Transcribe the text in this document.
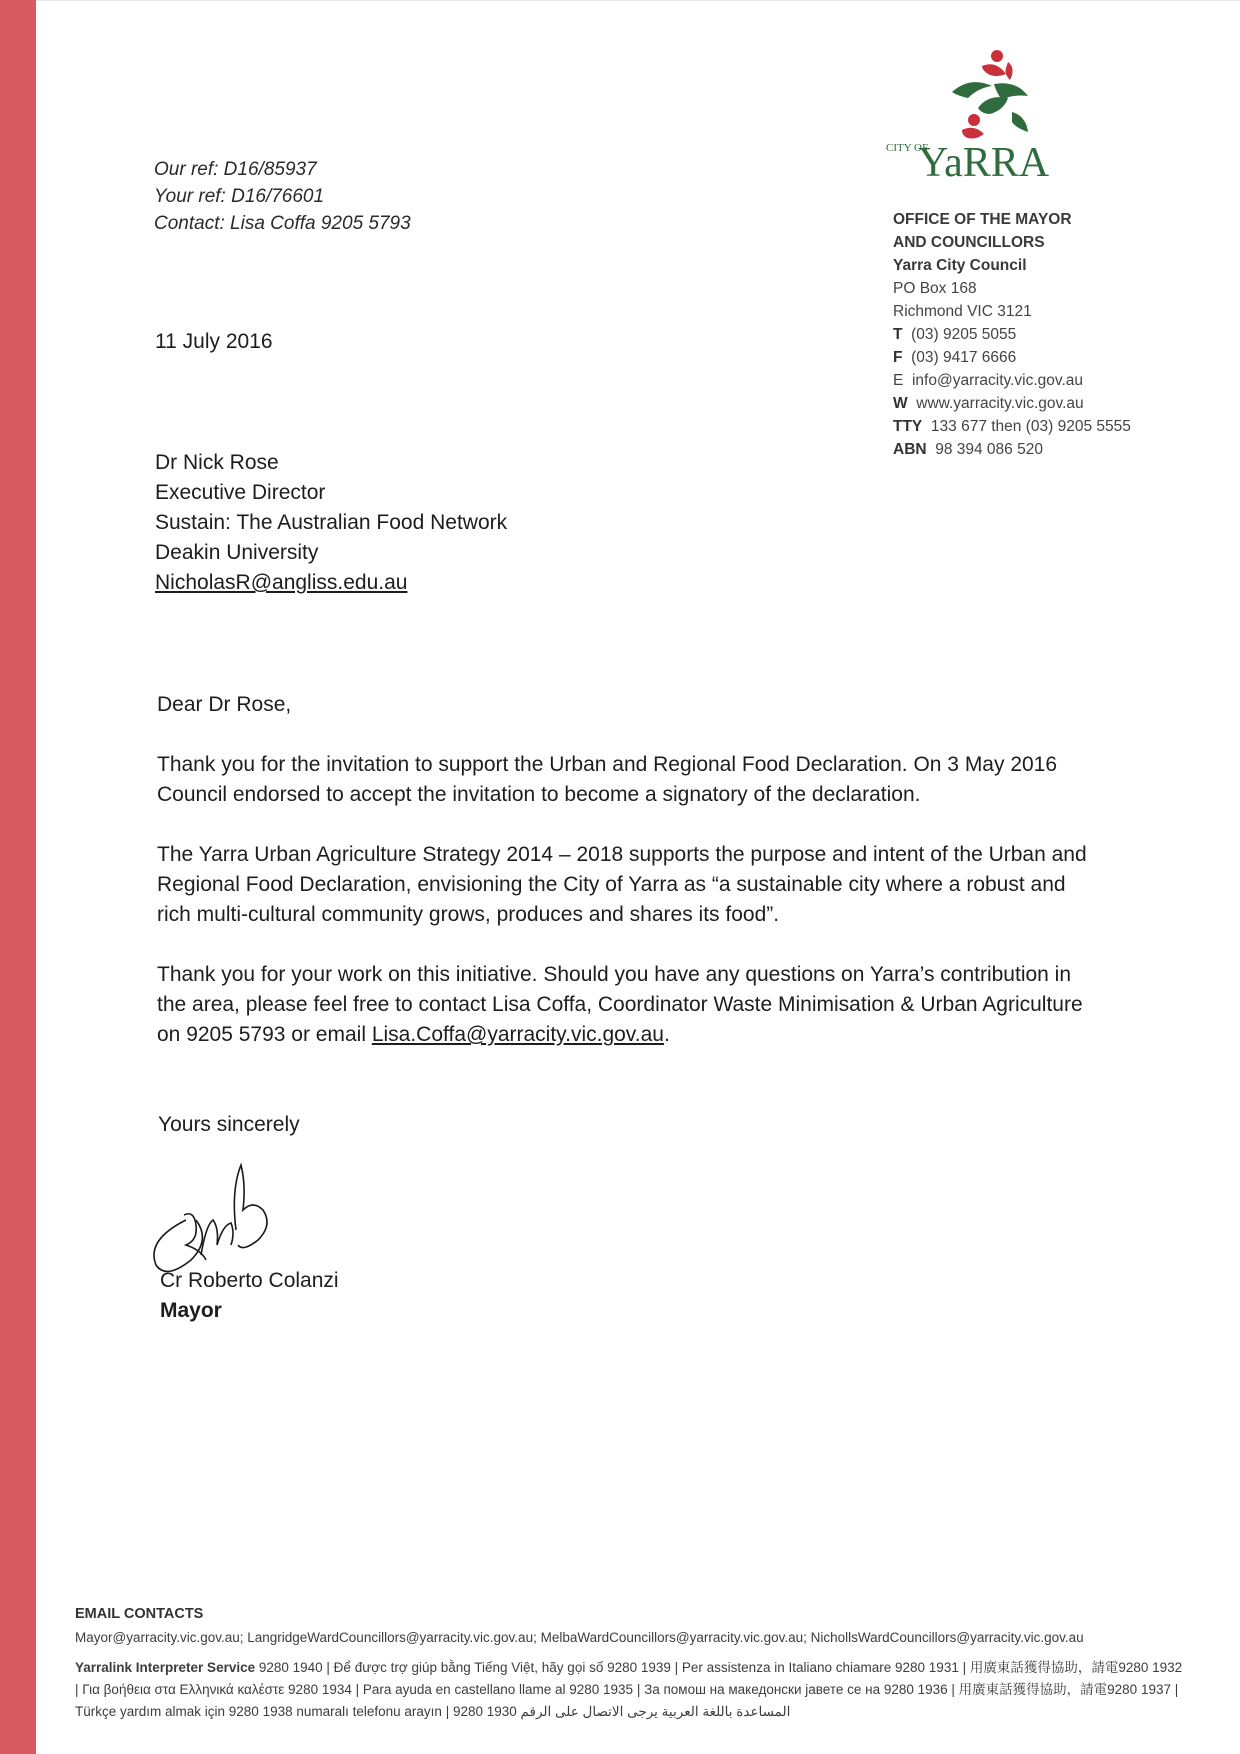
Our ref: D16/85937
Your ref: D16/76601
Contact: Lisa Coffa 9205 5793
CITY OF
YaRRA
OFFICE OF THE MAYOR
AND COUNCILLORS
Yarra City Council
PO Box 168
Richmond VIC 3121
T (03) 9205 5055
F (03) 9417 6666
E info@yarracity.vic.gov.au
W www.yarracity.vic.gov.au
TTY 133 677 then (03) 9205 5555
ABN 98 394 086 520
11 July 2016
Dr Nick Rose
Executive Director
Sustain: The Australian Food Network
Deakin University
NicholasR@angliss.edu.au

Dear Dr Rose,

Thank you for the invitation to support the Urban and Regional Food Declaration. On 3 May 2016 Council endorsed to accept the invitation to become a signatory of the declaration.

The Yarra Urban Agriculture Strategy 2014 – 2018 supports the purpose and intent of the Urban and Regional Food Declaration, envisioning the City of Yarra as “a sustainable city where a robust and rich multi-cultural community grows, produces and shares its food”.

Thank you for your work on this initiative. Should you have any questions on Yarra’s contribution in the area, please feel free to contact Lisa Coffa, Coordinator Waste Minimisation & Urban Agriculture on 9205 5793 or email Lisa.Coffa@yarracity.vic.gov.au.

Yours sincerely
Cr Roberto Colanzi
Mayor
EMAIL CONTACTS
Mayor@yarracity.vic.gov.au; LangridgeWardCouncillors@yarracity.vic.gov.au; MelbaWardCouncillors@yarracity.vic.gov.au; NichollsWardCouncillors@yarracity.vic.gov.au
Yarralink Interpreter Service 9280 1940 | Để được trợ giúp bằng Tiếng Việt, hãy gọi số 9280 1939 | Per assistenza in Italiano chiamare 9280 1931 | 用廣東話獲得協助，請電9280 1932 | Για βοήθεια στα Ελληνικά καλέστε 9280 1934 | Para ayuda en castellano llame al 9280 1935 | За помош на македонски јавете се на 9280 1936 | 用廣東話獲得協助，請電9280 1937 | Türkçe yardım almak için 9280 1938 numaralı telefonu arayın | 9280 1930 المساعدة باللغة العربية يرجى الاتصال على الرقم
